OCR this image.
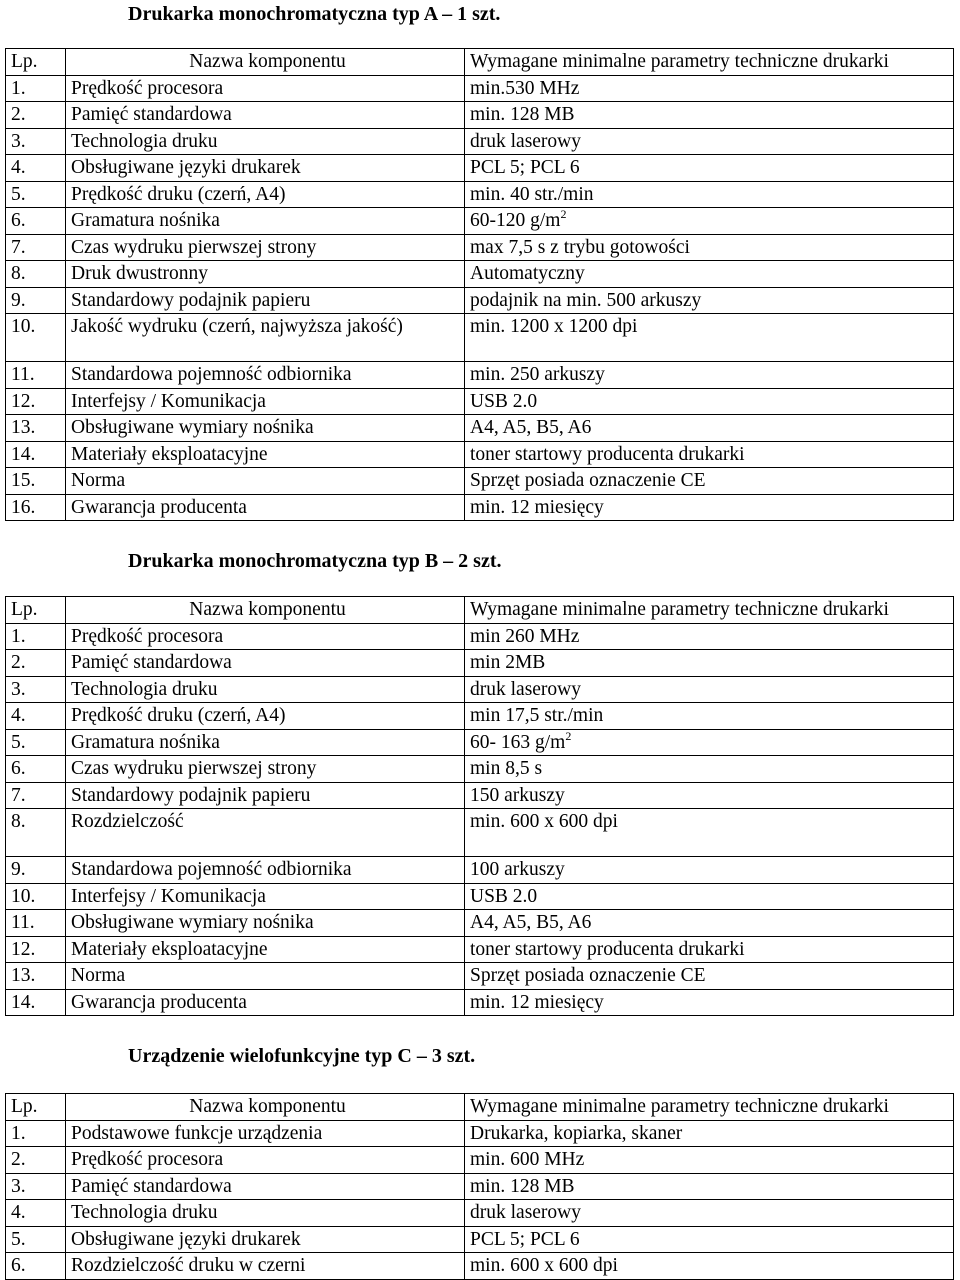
Drukarka monochromatyczna typ A – 1 szt.
Lp.	Nazwa komponentu	Wymagane minimalne parametry techniczne drukarki
1.	Prędkość procesora	min.530 MHz
2.	Pamięć standardowa	min. 128 MB
3.	Technologia druku	druk laserowy
4.	Obsługiwane języki drukarek	PCL 5; PCL 6
5.	Prędkość druku (czerń, A4)	min. 40 str./min
6.	Gramatura nośnika	60-120 $g/m^2$
7.	Czas wydruku pierwszej strony	max 7,5 s z trybu gotowości
8.	Druk dwustronny	Automatyczny
9.	Standardowy podajnik papieru	podajnik na min. 500 arkuszy
10.	Jakość wydruku (czerń, najwyższa jakość)	min. 1200 x 1200 dpi
11.	Standardowa pojemność odbiornika	min. 250 arkuszy
12.	Interfejsy / Komunikacja	USB 2.0
13.	Obsługiwane wymiary nośnika	A4, A5, B5, A6
14.	Materiały eksploatacyjne	toner startowy producenta drukarki
15.	Norma	Sprzęt posiada oznaczenie CE
16.	Gwarancja producenta	min. 12 miesięcy
Drukarka monochromatyczna typ B – 2 szt.
Lp.	Nazwa komponentu	Wymagane minimalne parametry techniczne drukarki
1.	Prędkość procesora	min 260 MHz
2.	Pamięć standardowa	min 2MB
3.	Technologia druku	druk laserowy
4.	Prędkość druku (czerń, A4)	min 17,5 str./min
5.	Gramatura nośnika	60- 163 $g/m^2$
6.	Czas wydruku pierwszej strony	min 8,5 s
7.	Standardowy podajnik papieru	150 arkuszy
8.	Rozdzielczość	min. 600 x 600 dpi
9.	Standardowa pojemność odbiornika	100 arkuszy
10.	Interfejsy / Komunikacja	USB 2.0
11.	Obsługiwane wymiary nośnika	A4, A5, B5, A6
12.	Materiały eksploatacyjne	toner startowy producenta drukarki
13.	Norma	Sprzęt posiada oznaczenie CE
14.	Gwarancja producenta	min. 12 miesięcy
Urządzenie wielofunkcyjne typ C – 3 szt.
Lp.	Nazwa komponentu	Wymagane minimalne parametry techniczne drukarki
1.	Podstawowe funkcje urządzenia	Drukarka, kopiarka, skaner
2.	Prędkość procesora	min. 600 MHz
3.	Pamięć standardowa	min. 128 MB
4.	Technologia druku	druk laserowy
5.	Obsługiwane języki drukarek	PCL 5; PCL 6
6.	Rozdzielczość druku w czerni	min. 600 x 600 dpi
